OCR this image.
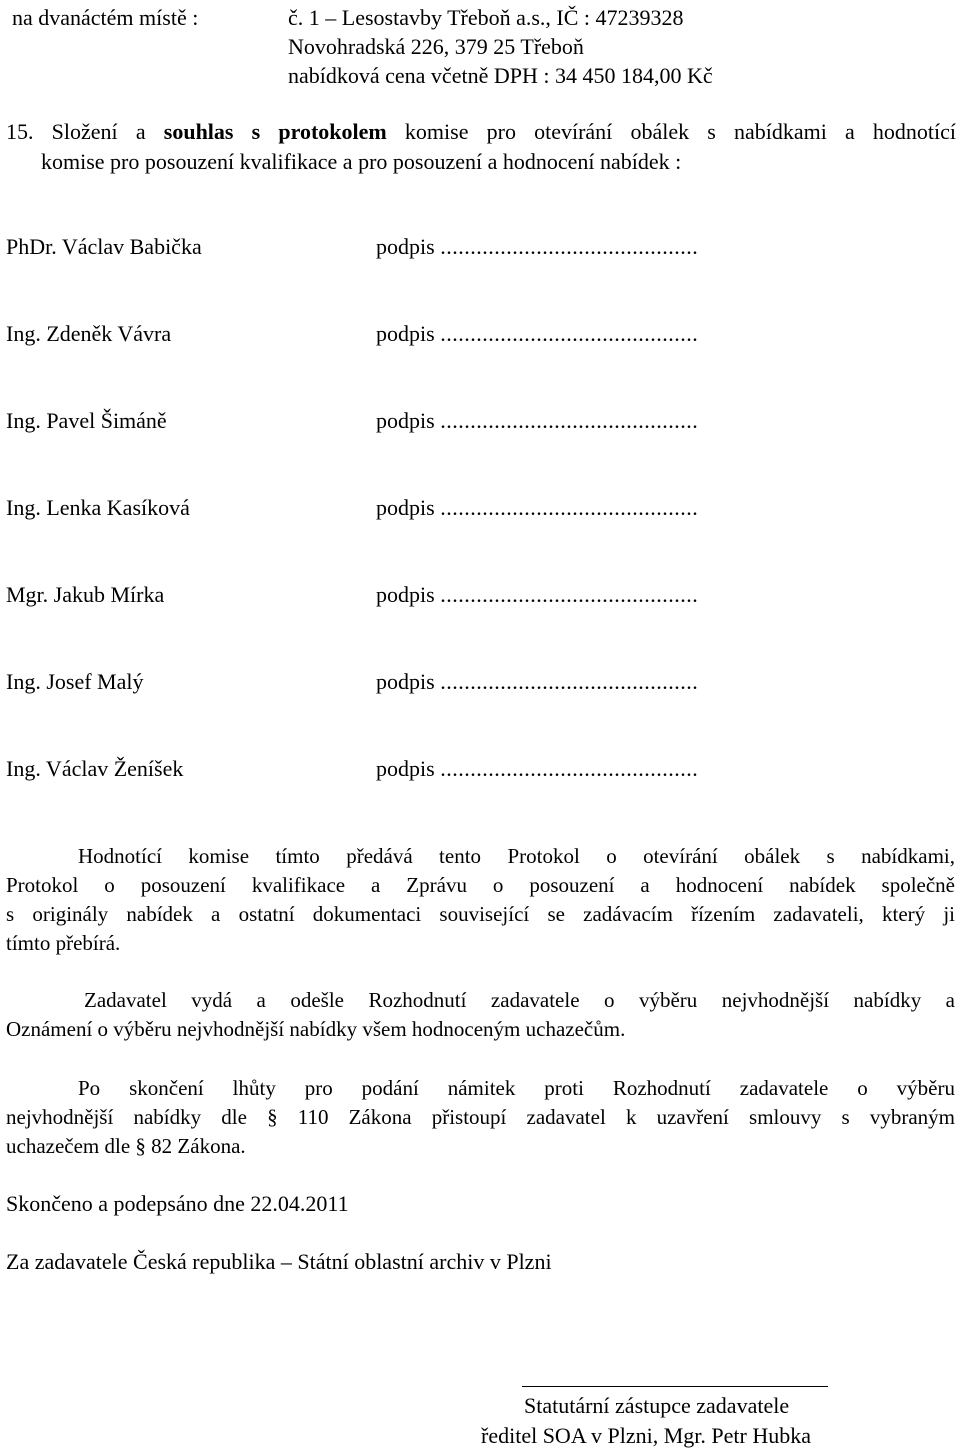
na dvanáctém místě :	č. 1 – Lesostavby Třeboň a.s., IČ : 47239328
Novohradská 226, 379 25 Třeboň
nabídková cena včetně DPH : 34 450 184,00 Kč
15. Složení a souhlas s protokolem komise pro otevírání obálek s nabídkami a hodnotící
komise pro posouzení kvalifikace a pro posouzení a hodnocení nabídek :
PhDr. Václav Babička	podpis ...........................................
Ing. Zdeněk Vávra	podpis ...........................................
Ing. Pavel Šimáně	podpis ...........................................
Ing. Lenka Kasíková	podpis ...........................................
Mgr. Jakub Mírka	podpis ...........................................
Ing. Josef Malý	podpis ...........................................
Ing. Václav Ženíšek	podpis ...........................................
Hodnotící komise tímto předává tento Protokol o otevírání obálek s nabídkami,
Protokol o posouzení kvalifikace a Zprávu o posouzení a hodnocení nabídek společně
s originály nabídek a ostatní dokumentaci související se zadávacím řízením zadavateli, který ji
tímto přebírá.
Zadavatel vydá a odešle Rozhodnutí zadavatele o výběru nejvhodnější nabídky a
Oznámení o výběru nejvhodnější nabídky všem hodnoceným uchazečům.
Po skončení lhůty pro podání námitek proti Rozhodnutí zadavatele o výběru
nejvhodnější nabídky dle § 110 Zákona přistoupí zadavatel k uzavření smlouvy s vybraným
uchazečem dle § 82 Zákona.
Skončeno a podepsáno dne 22.04.2011
Za zadavatele Česká republika – Státní oblastní archiv v Plzni
Statutární zástupce zadavatele
ředitel SOA v Plzni, Mgr. Petr Hubka
